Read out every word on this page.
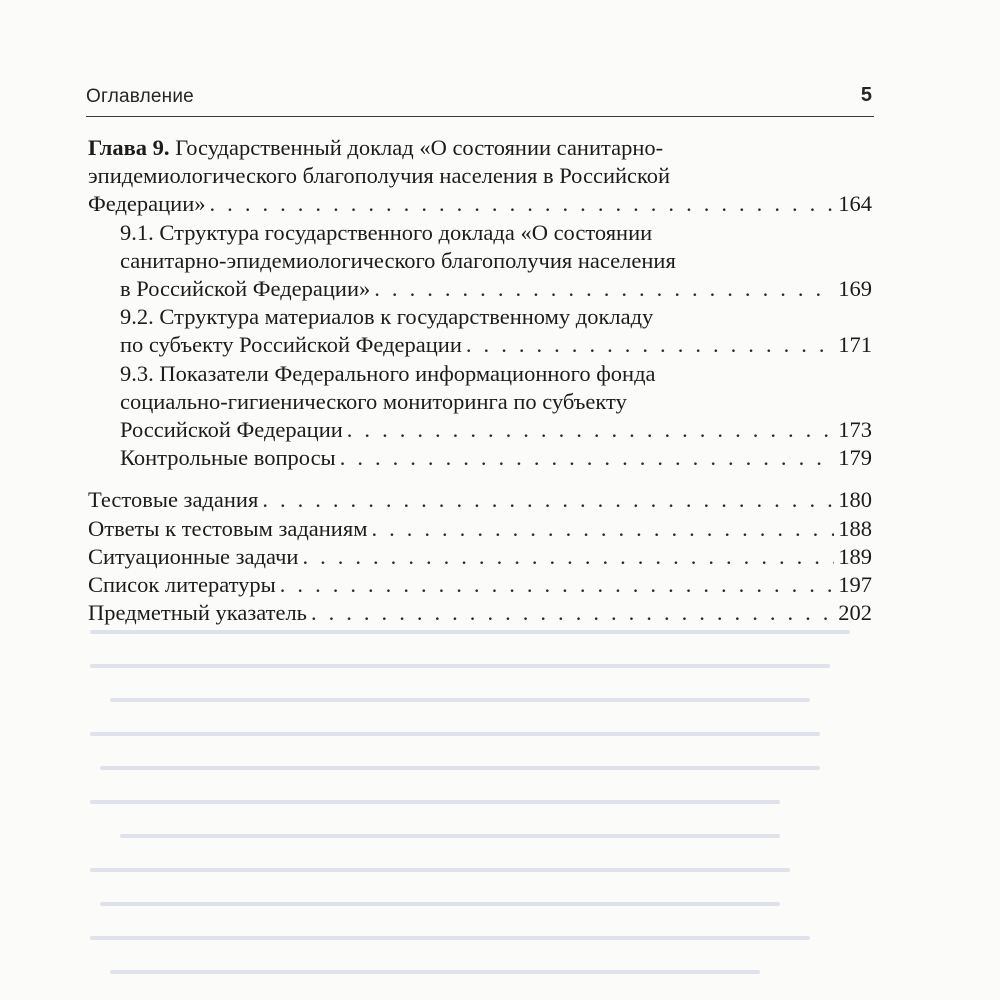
Оглавление	5
Глава 9. Государственный доклад «О состоянии санитарно-
эпидемиологического благополучия населения в Российской
Федерации» . . .	164
9.1. Структура государственного доклада «О состоянии
санитарно-эпидемиологического благополучия населения
в Российской Федерации» . . .	169
9.2. Структура материалов к государственному докладу
по субъекту Российской Федерации . . .	171
9.3. Показатели Федерального информационного фонда
социально-гигиенического мониторинга по субъекту
Российской Федерации . . .	173
Контрольные вопросы . . .	179
Тестовые задания . . .	180
Ответы к тестовым заданиям . . .	188
Ситуационные задачи . . .	189
Список литературы . . .	197
Предметный указатель . . .	202
